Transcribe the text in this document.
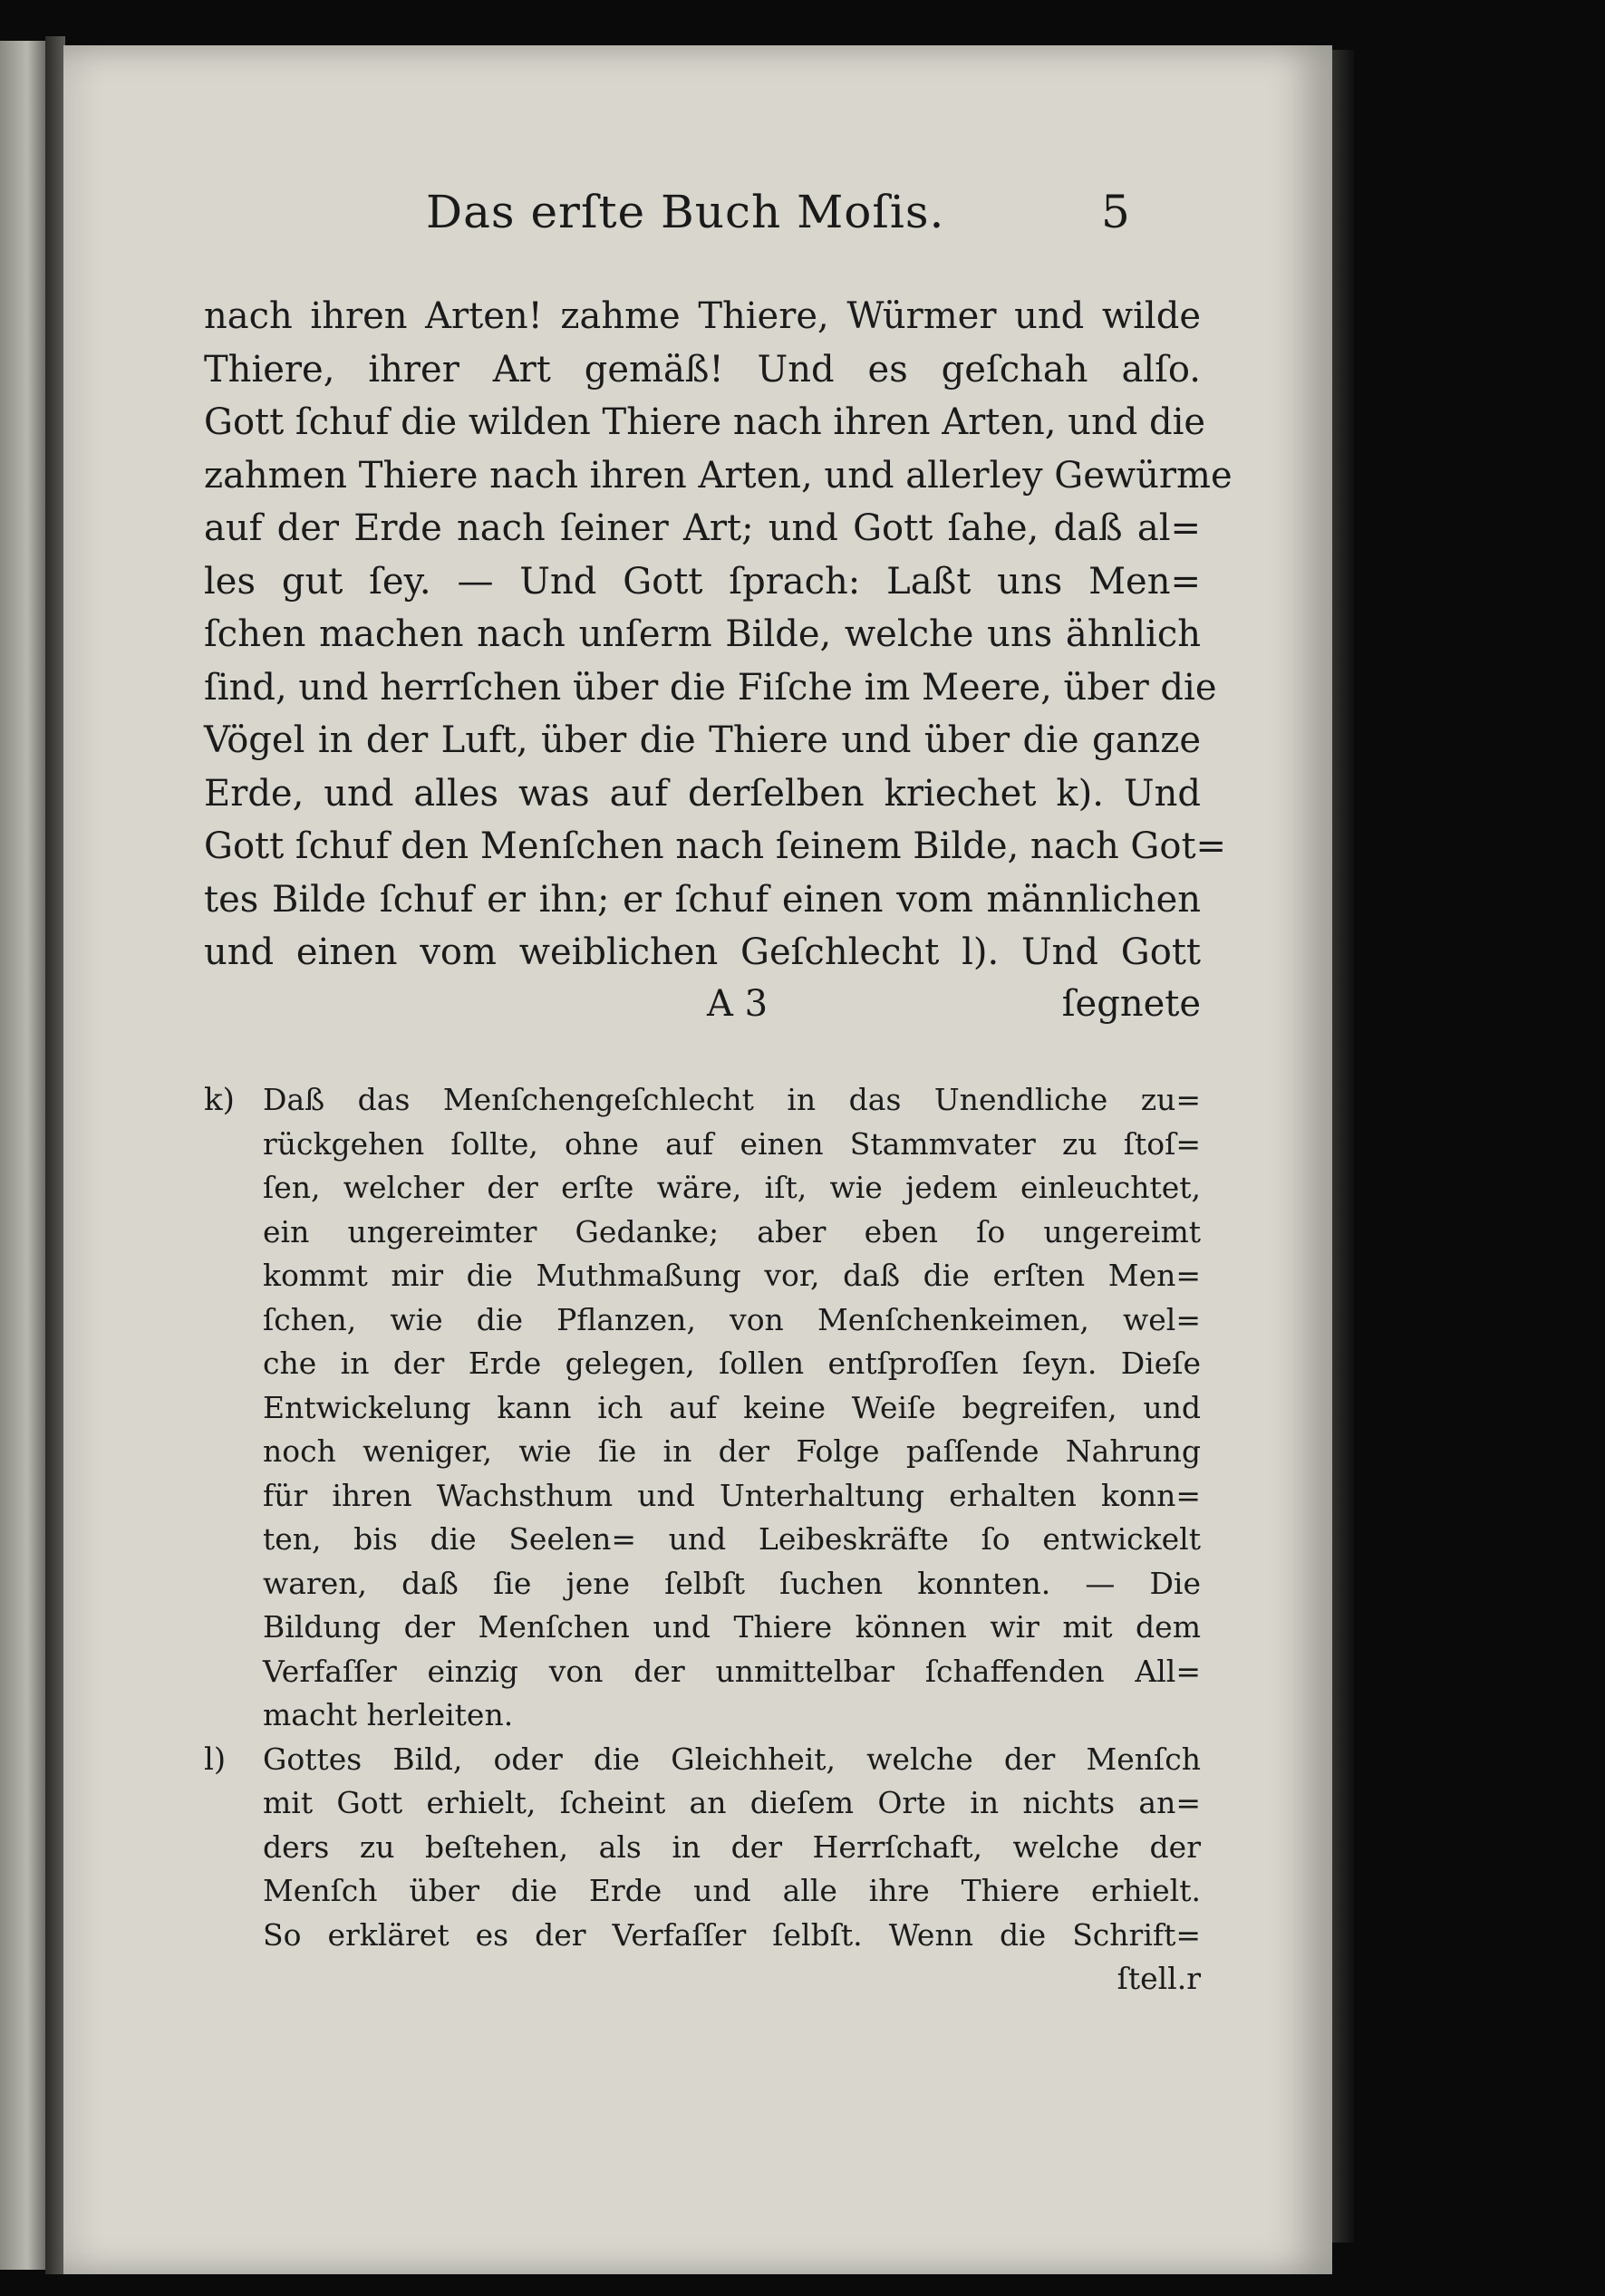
Das erſte Buch Moſis.	5
nach ihren Arten! zahme Thiere, Würmer und wilde
Thiere, ihrer Art gemäß! Und es geſchah alſo.
Gott ſchuf die wilden Thiere nach ihren Arten, und die
zahmen Thiere nach ihren Arten, und allerley Gewürme
auf der Erde nach ſeiner Art; und Gott ſahe, daß al=
les gut ſey. — Und Gott ſprach: Laßt uns Men=
ſchen machen nach unſerm Bilde, welche uns ähnlich
ſind, und herrſchen über die Fiſche im Meere, über die
Vögel in der Luft, über die Thiere und über die ganze
Erde, und alles was auf derſelben kriechet k). Und
Gott ſchuf den Menſchen nach ſeinem Bilde, nach Got=
tes Bilde ſchuf er ihn; er ſchuf einen vom männlichen
und einen vom weiblichen Geſchlecht l). Und Gott
A 3	ſegnete
k) Daß das Menſchengeſchlecht in das Unendliche zu=
rückgehen ſollte, ohne auf einen Stammvater zu ſtoſ=
ſen, welcher der erſte wäre, iſt, wie jedem einleuchtet,
ein ungereimter Gedanke; aber eben ſo ungereimt
kommt mir die Muthmaßung vor, daß die erſten Men=
ſchen, wie die Pflanzen, von Menſchenkeimen, wel=
che in der Erde gelegen, ſollen entſproſſen ſeyn. Dieſe
Entwickelung kann ich auf keine Weiſe begreifen, und
noch weniger, wie ſie in der Folge paſſende Nahrung
für ihren Wachsthum und Unterhaltung erhalten konn=
ten, bis die Seelen= und Leibeskräfte ſo entwickelt
waren, daß ſie jene ſelbſt ſuchen konnten. — Die
Bildung der Menſchen und Thiere können wir mit dem
Verfaſſer einzig von der unmittelbar ſchaffenden All=
macht herleiten.
l) Gottes Bild, oder die Gleichheit, welche der Menſch
mit Gott erhielt, ſcheint an dieſem Orte in nichts an=
ders zu beſtehen, als in der Herrſchaft, welche der
Menſch über die Erde und alle ihre Thiere erhielt.
So erkläret es der Verfaſſer ſelbſt. Wenn die Schrift=
ſtell.r
